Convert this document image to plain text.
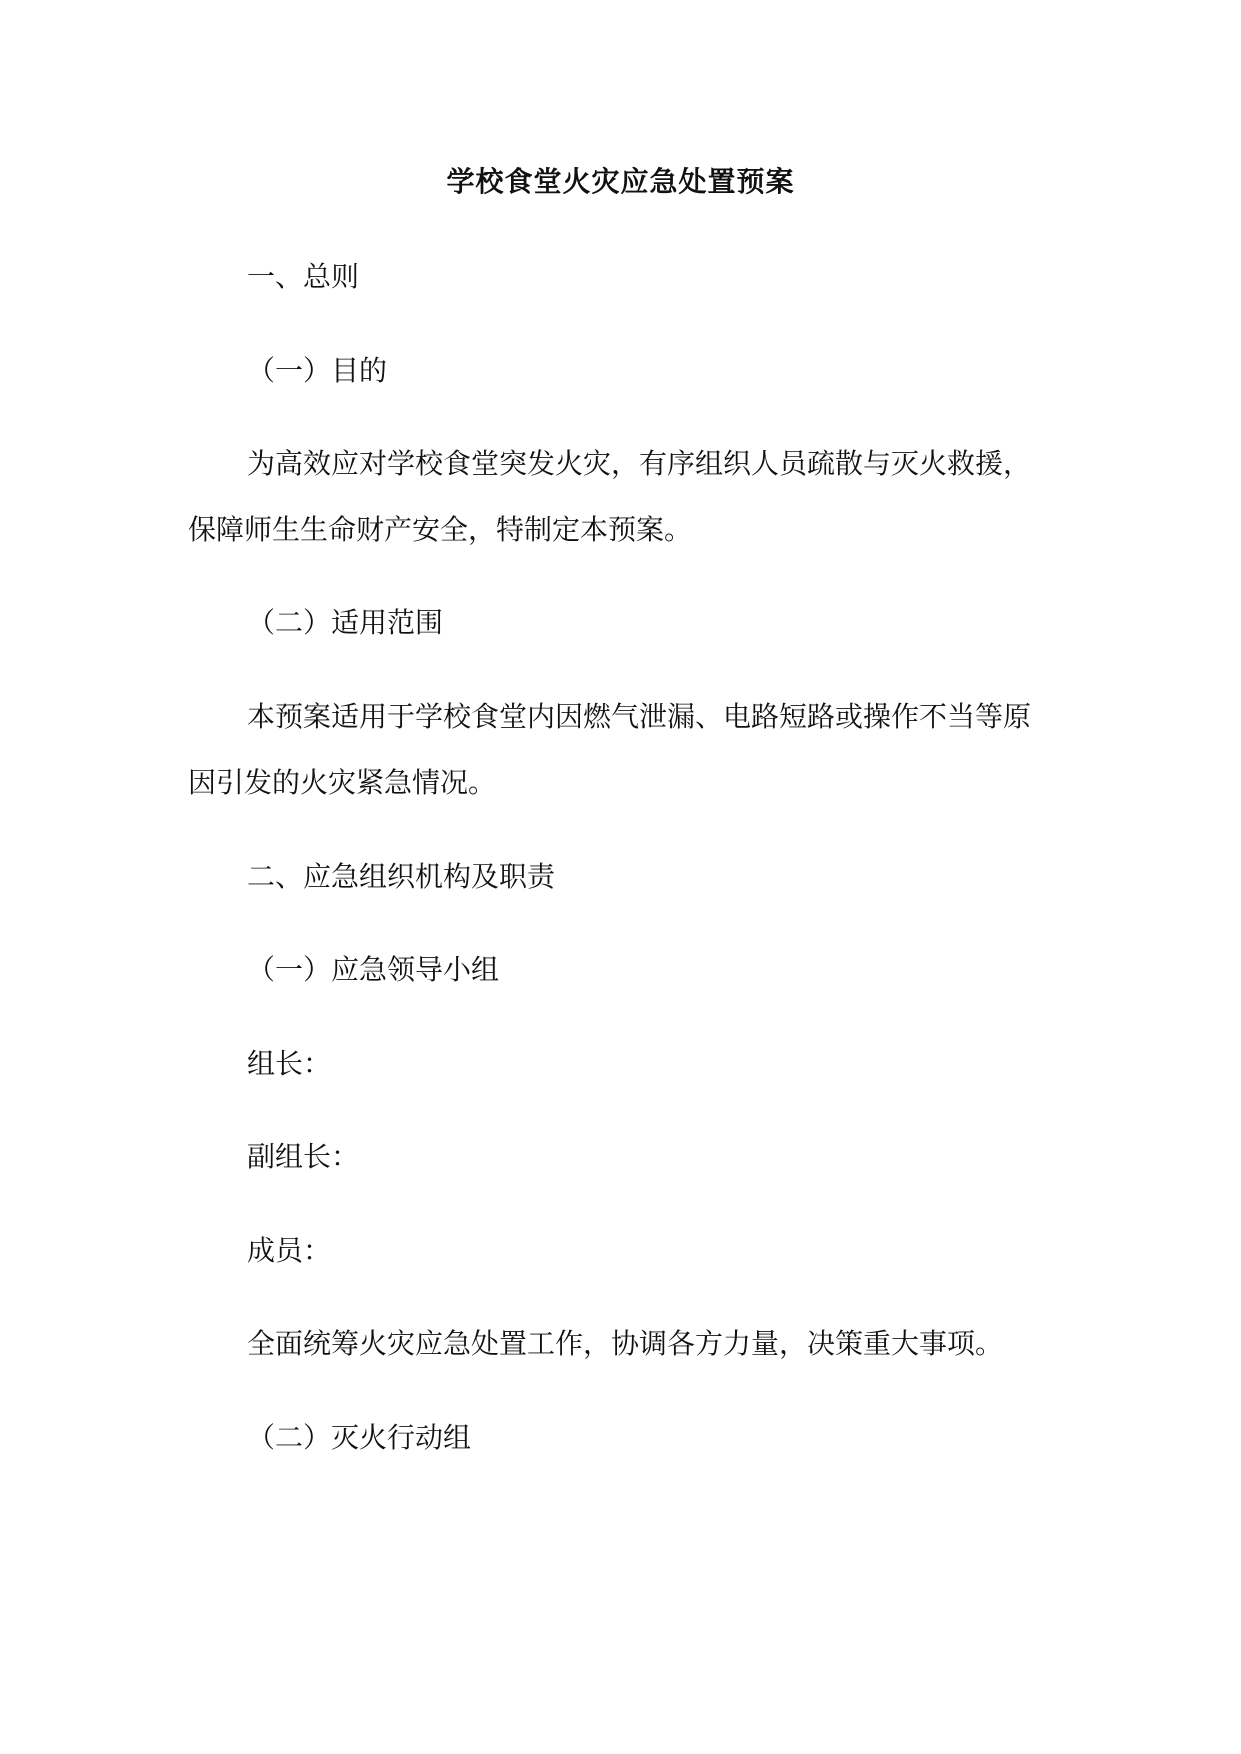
学校食堂火灾应急处置预案
一、总则
（一）目的
为高效应对学校食堂突发火灾，有序组织人员疏散与灭火救援，
保障师生生命财产安全，特制定本预案。
（二）适用范围
本预案适用于学校食堂内因燃气泄漏、电路短路或操作不当等原
因引发的火灾紧急情况。
二、应急组织机构及职责
（一）应急领导小组
组长：
副组长：
成员：
全面统筹火灾应急处置工作，协调各方力量，决策重大事项。
（二）灭火行动组
